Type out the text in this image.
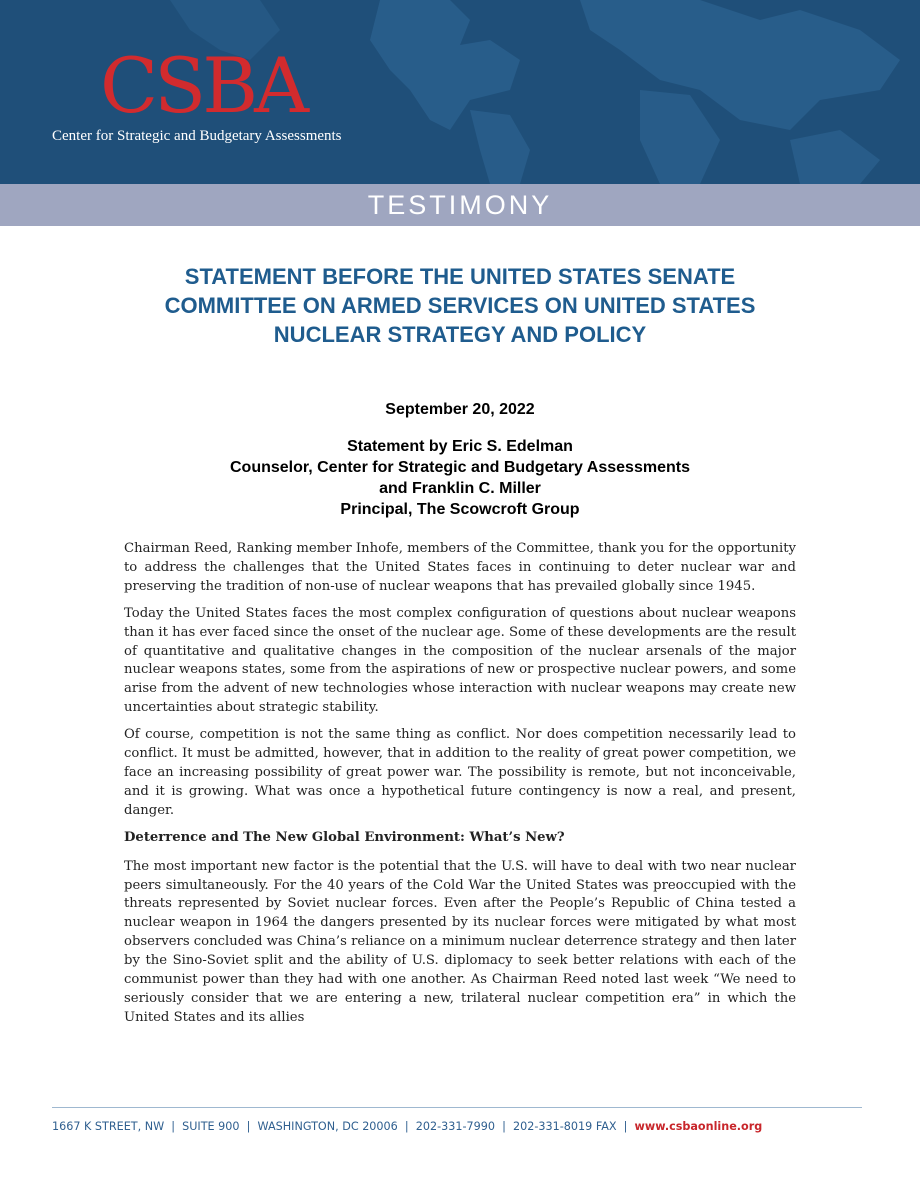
CSBA
Center for Strategic and Budgetary Assessments
TESTIMONY
STATEMENT BEFORE THE UNITED STATES SENATE
COMMITTEE ON ARMED SERVICES ON UNITED STATES
NUCLEAR STRATEGY AND POLICY
September 20, 2022
Statement by Eric S. Edelman
Counselor, Center for Strategic and Budgetary Assessments
and Franklin C. Miller
Principal, The Scowcroft Group

Chairman Reed, Ranking member Inhofe, members of the Committee, thank you for the opportunity to address the challenges that the United States faces in continuing to deter nuclear war and preserving the tradition of non-use of nuclear weapons that has prevailed globally since 1945.

Today the United States faces the most complex configuration of questions about nuclear weapons than it has ever faced since the onset of the nuclear age. Some of these developments are the result of quantitative and qualitative changes in the composition of the nuclear arsenals of the major nuclear weapons states, some from the aspirations of new or prospective nuclear powers, and some arise from the advent of new technologies whose interaction with nuclear weapons may create new uncertainties about strategic stability.

Of course, competition is not the same thing as conflict. Nor does competition necessarily lead to conflict. It must be admitted, however, that in addition to the reality of great power competition, we face an increasing possibility of great power war. The possibility is remote, but not inconceivable, and it is growing. What was once a hypothetical future contingency is now a real, and present, danger.

Deterrence and The New Global Environment: What’s New?

The most important new factor is the potential that the U.S. will have to deal with two near nuclear peers simultaneously. For the 40 years of the Cold War the United States was preoccupied with the threats represented by Soviet nuclear forces. Even after the People’s Republic of China tested a nuclear weapon in 1964 the dangers presented by its nuclear forces were mitigated by what most observers concluded was China’s reliance on a minimum nuclear deterrence strategy and then later by the Sino-Soviet split and the ability of U.S. diplomacy to seek better relations with each of the communist power than they had with one another. As Chairman Reed noted last week “We need to seriously consider that we are entering a new, trilateral nuclear competition era” in which the United States and its allies

1667 K STREET, NW  |  SUITE 900  |  WASHINGTON, DC 20006  |  202-331-7990  |  202-331-8019 FAX  |  www.csbaonline.org
